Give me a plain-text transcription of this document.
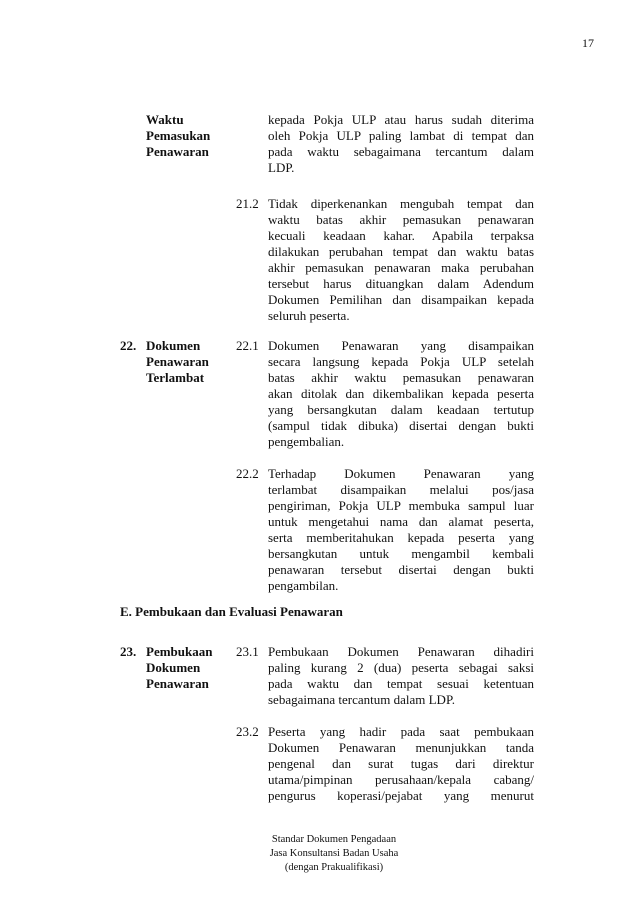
17
Waktu
Pemasukan
Penawaran
kepada Pokja ULP atau harus sudah diterima
oleh Pokja ULP paling lambat di tempat dan
pada waktu sebagaimana tercantum dalam
LDP.
21.2 Tidak diperkenankan mengubah tempat dan
waktu batas akhir pemasukan penawaran
kecuali keadaan kahar. Apabila terpaksa
dilakukan perubahan tempat dan waktu batas
akhir pemasukan penawaran maka perubahan
tersebut harus dituangkan dalam Adendum
Dokumen Pemilihan dan disampaikan kepada
seluruh peserta.
22. Dokumen
Penawaran
Terlambat
22.1 Dokumen Penawaran yang disampaikan
secara langsung kepada Pokja ULP setelah
batas akhir waktu pemasukan penawaran
akan ditolak dan dikembalikan kepada peserta
yang bersangkutan dalam keadaan tertutup
(sampul tidak dibuka) disertai dengan bukti
pengembalian.
22.2 Terhadap Dokumen Penawaran yang
terlambat disampaikan melalui pos/jasa
pengiriman, Pokja ULP membuka sampul luar
untuk mengetahui nama dan alamat peserta,
serta memberitahukan kepada peserta yang
bersangkutan untuk mengambil kembali
penawaran tersebut disertai dengan bukti
pengambilan.
E. Pembukaan dan Evaluasi Penawaran
23. Pembukaan
Dokumen
Penawaran
23.1 Pembukaan Dokumen Penawaran dihadiri
paling kurang 2 (dua) peserta sebagai saksi
pada waktu dan tempat sesuai ketentuan
sebagaimana tercantum dalam LDP.
23.2 Peserta yang hadir pada saat pembukaan
Dokumen Penawaran menunjukkan tanda
pengenal dan surat tugas dari direktur
utama/pimpinan perusahaan/kepala cabang/
pengurus koperasi/pejabat yang menurut
Standar Dokumen Pengadaan
Jasa Konsultansi Badan Usaha
(dengan Prakualifikasi)
